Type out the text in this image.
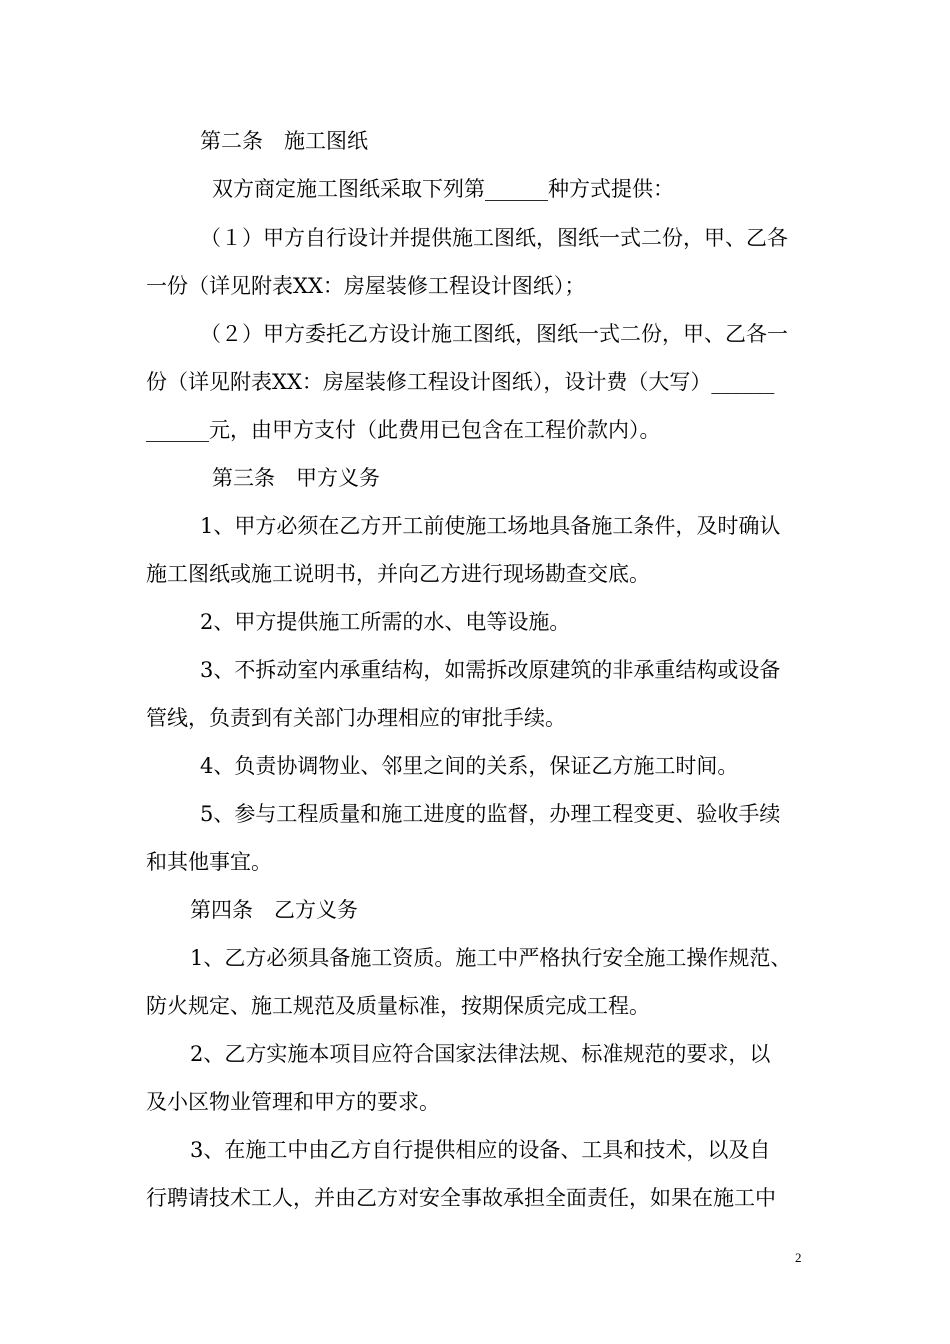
第二条　施工图纸
双方商定施工图纸采取下列第______种方式提供：
（１）甲方自行设计并提供施工图纸，图纸一式二份，甲、乙各
一份（详见附表XX：房屋装修工程设计图纸）；
（２）甲方委托乙方设计施工图纸，图纸一式二份，甲、乙各一
份（详见附表XX：房屋装修工程设计图纸），设计费（大写）______
______元，由甲方支付（此费用已包含在工程价款内）。
第三条　甲方义务
1、甲方必须在乙方开工前使施工场地具备施工条件，及时确认
施工图纸或施工说明书，并向乙方进行现场勘查交底。
2、甲方提供施工所需的水、电等设施。
3、不拆动室内承重结构，如需拆改原建筑的非承重结构或设备
管线，负责到有关部门办理相应的审批手续。
4、负责协调物业、邻里之间的关系，保证乙方施工时间。
5、参与工程质量和施工进度的监督，办理工程变更、验收手续
和其他事宜。
第四条　乙方义务
1、乙方必须具备施工资质。施工中严格执行安全施工操作规范、
防火规定、施工规范及质量标准，按期保质完成工程。
2、乙方实施本项目应符合国家法律法规、标准规范的要求，以
及小区物业管理和甲方的要求。
3、在施工中由乙方自行提供相应的设备、工具和技术，以及自
行聘请技术工人，并由乙方对安全事故承担全面责任，如果在施工中
2
